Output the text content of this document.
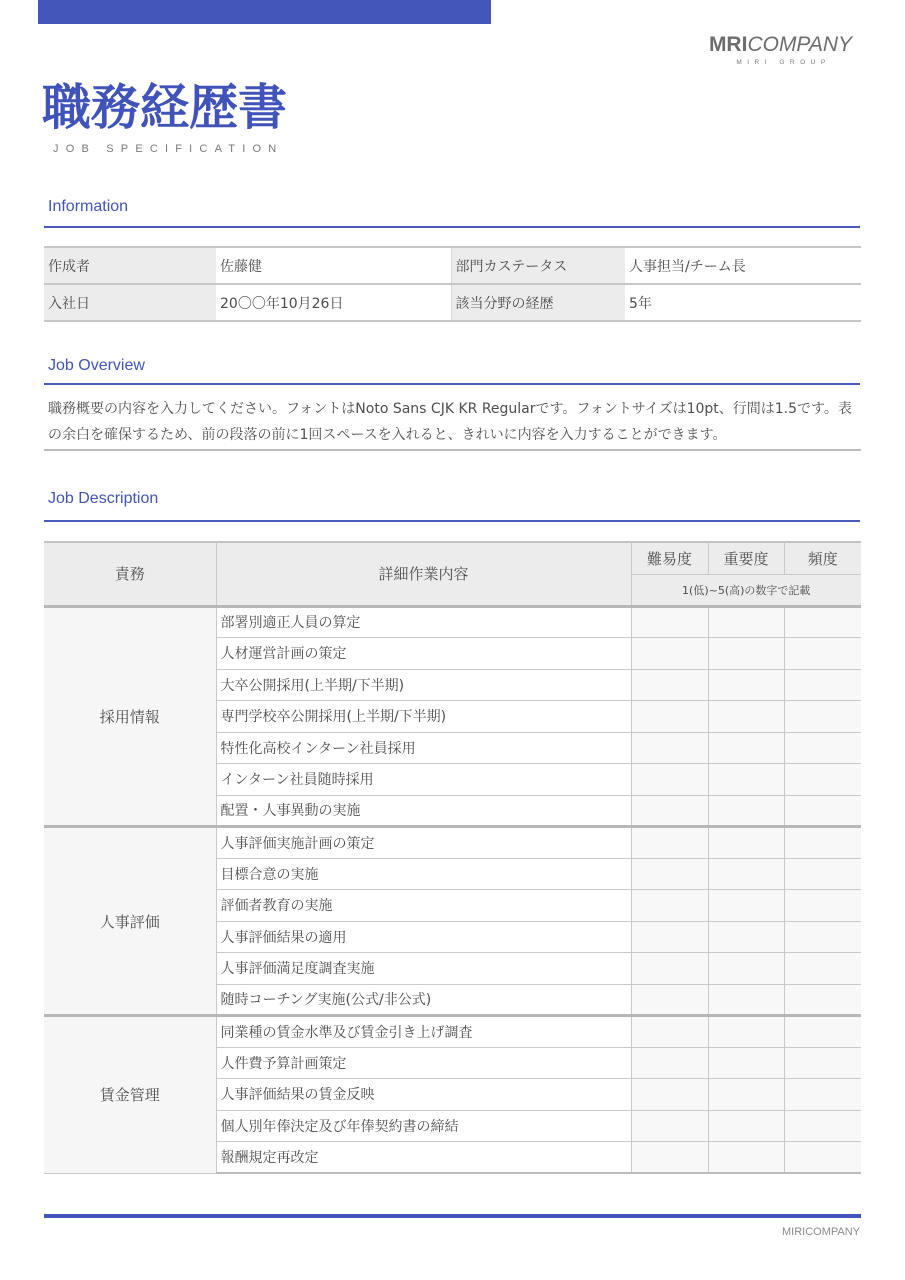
MRICOMPANY
MIRI GROUP
職務経歴書
JOB SPECIFICATION
Information
作成者	佐藤健	部門カステータス	人事担当/チーム長
入社日	20〇〇年10月26日	該当分野の経歴	5年
Job Overview

職務概要の内容を入力してください。フォントはNoto Sans CJK KR Regularです。フォントサイズは10pt、行間は1.5です。表の余白を確保するため、前の段落の前に1回スペースを入れると、きれいに内容を入力することができます。

Job Description
責務	詳細作業内容	難易度	重要度	頻度
		1(低)~5(高)の数字で記載		
採用情報	部署別適正人員の算定			
	人材運営計画の策定			
	大卒公開採用(上半期/下半期)			
	専門学校卒公開採用(上半期/下半期)			
	特性化高校インターン社員採用			
	インターン社員随時採用			
	配置・人事異動の実施			
人事評価	人事評価実施計画の策定			
	目標合意の実施			
	評価者教育の実施			
	人事評価結果の適用			
	人事評価満足度調査実施			
	随時コーチング実施(公式/非公式)			
賃金管理	同業種の賃金水準及び賃金引き上げ調査			
	人件費予算計画策定			
	人事評価結果の賃金反映			
	個人別年俸決定及び年俸契約書の締結			
	報酬規定再改定			
MIRICOMPANY
